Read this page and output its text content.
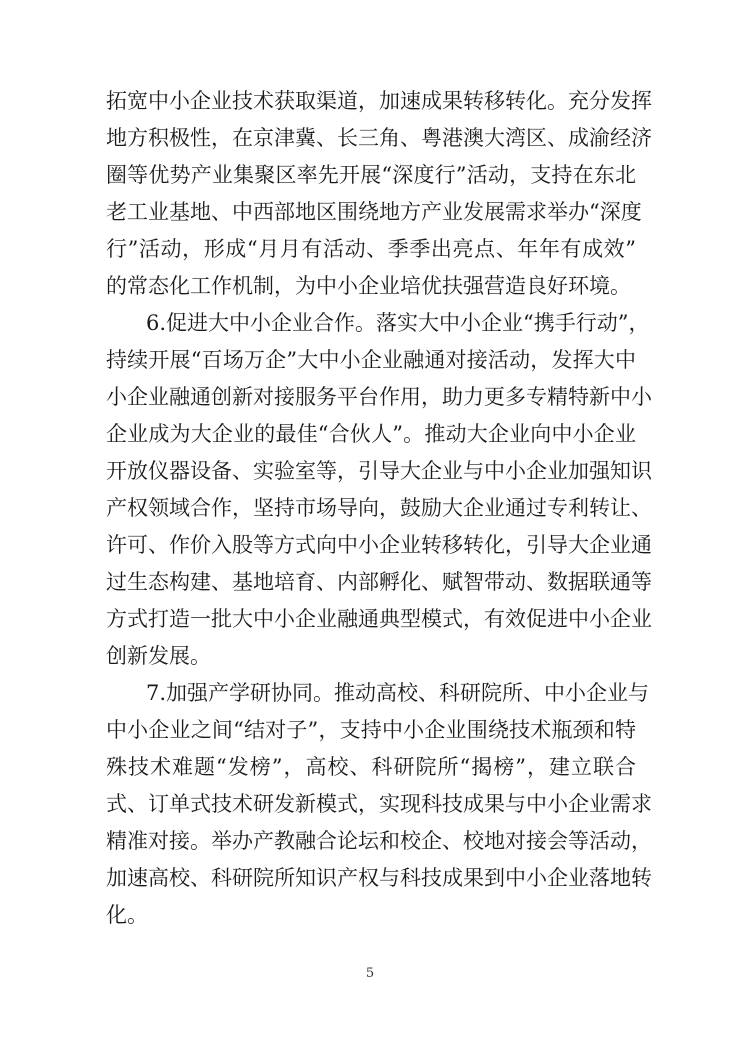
拓宽中小企业技术获取渠道，加速成果转移转化。充分发挥
地方积极性，在京津冀、长三角、粤港澳大湾区、成渝经济
圈等优势产业集聚区率先开展“深度行”活动，支持在东北
老工业基地、中西部地区围绕地方产业发展需求举办“深度
行”活动，形成“月月有活动、季季出亮点、年年有成效”
的常态化工作机制，为中小企业培优扶强营造良好环境。
6.促进大中小企业合作。落实大中小企业“携手行动”，
持续开展“百场万企”大中小企业融通对接活动，发挥大中
小企业融通创新对接服务平台作用，助力更多专精特新中小
企业成为大企业的最佳“合伙人”。推动大企业向中小企业
开放仪器设备、实验室等，引导大企业与中小企业加强知识
产权领域合作，坚持市场导向，鼓励大企业通过专利转让、
许可、作价入股等方式向中小企业转移转化，引导大企业通
过生态构建、基地培育、内部孵化、赋智带动、数据联通等
方式打造一批大中小企业融通典型模式，有效促进中小企业
创新发展。
7.加强产学研协同。推动高校、科研院所、中小企业与
中小企业之间“结对子”，支持中小企业围绕技术瓶颈和特
殊技术难题“发榜”，高校、科研院所“揭榜”，建立联合
式、订单式技术研发新模式，实现科技成果与中小企业需求
精准对接。举办产教融合论坛和校企、校地对接会等活动，
加速高校、科研院所知识产权与科技成果到中小企业落地转
化。
5
